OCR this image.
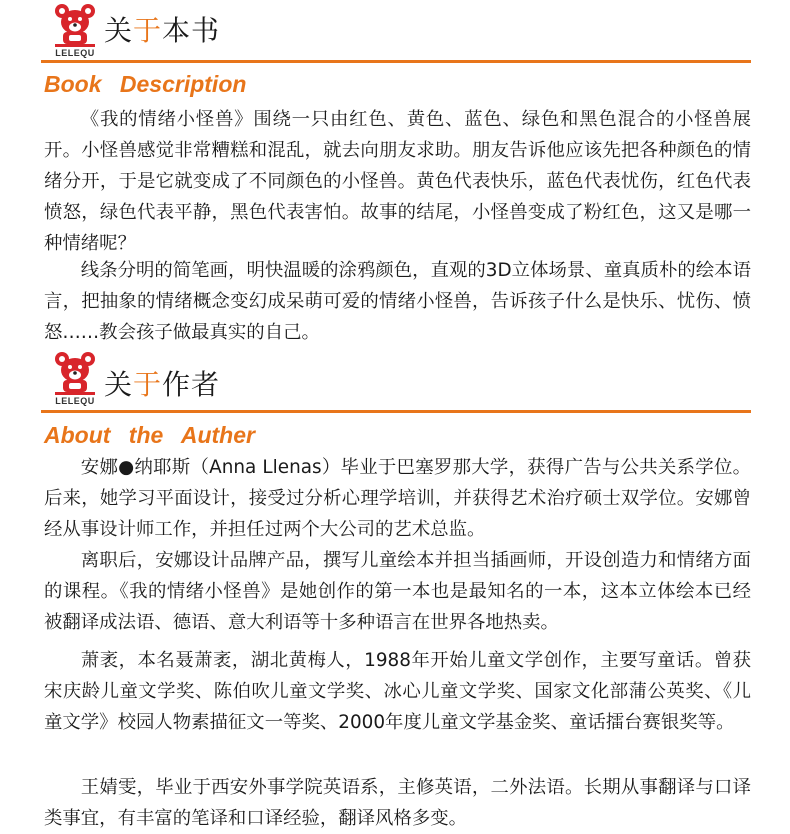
LELEQU
关于本书
Book Description

《我的情绪小怪兽》围绕一只由红色、黄色、蓝色、绿色和黑色混合的小怪兽展开。小怪兽感觉非常糟糕和混乱，就去向朋友求助。朋友告诉他应该先把各种颜色的情绪分开，于是它就变成了不同颜色的小怪兽。黄色代表快乐，蓝色代表忧伤，红色代表愤怒，绿色代表平静，黑色代表害怕。故事的结尾，小怪兽变成了粉红色，这又是哪一种情绪呢？

线条分明的简笔画，明快温暖的涂鸦颜色，直观的3D立体场景、童真质朴的绘本语言，把抽象的情绪概念变幻成呆萌可爱的情绪小怪兽，告诉孩子什么是快乐、忧伤、愤怒……教会孩子做最真实的自己。

LELEQU 关于作者
About the Auther

安娜●纳耶斯（Anna Llenas）毕业于巴塞罗那大学，获得广告与公共关系学位。后来，她学习平面设计，接受过分析心理学培训，并获得艺术治疗硕士双学位。安娜曾经从事设计师工作，并担任过两个大公司的艺术总监。

离职后，安娜设计品牌产品，撰写儿童绘本并担当插画师，开设创造力和情绪方面的课程。《我的情绪小怪兽》是她创作的第一本也是最知名的一本，这本立体绘本已经被翻译成法语、德语、意大利语等十多种语言在世界各地热卖。

萧袤，本名聂萧袤，湖北黄梅人，1988年开始儿童文学创作，主要写童话。曾获宋庆龄儿童文学奖、陈伯吹儿童文学奖、冰心儿童文学奖、国家文化部蒲公英奖、《儿童文学》校园人物素描征文一等奖、2000年度儿童文学基金奖、童话擂台赛银奖等。

王婧雯，毕业于西安外事学院英语系，主修英语，二外法语。长期从事翻译与口译类事宜，有丰富的笔译和口译经验，翻译风格多变。
